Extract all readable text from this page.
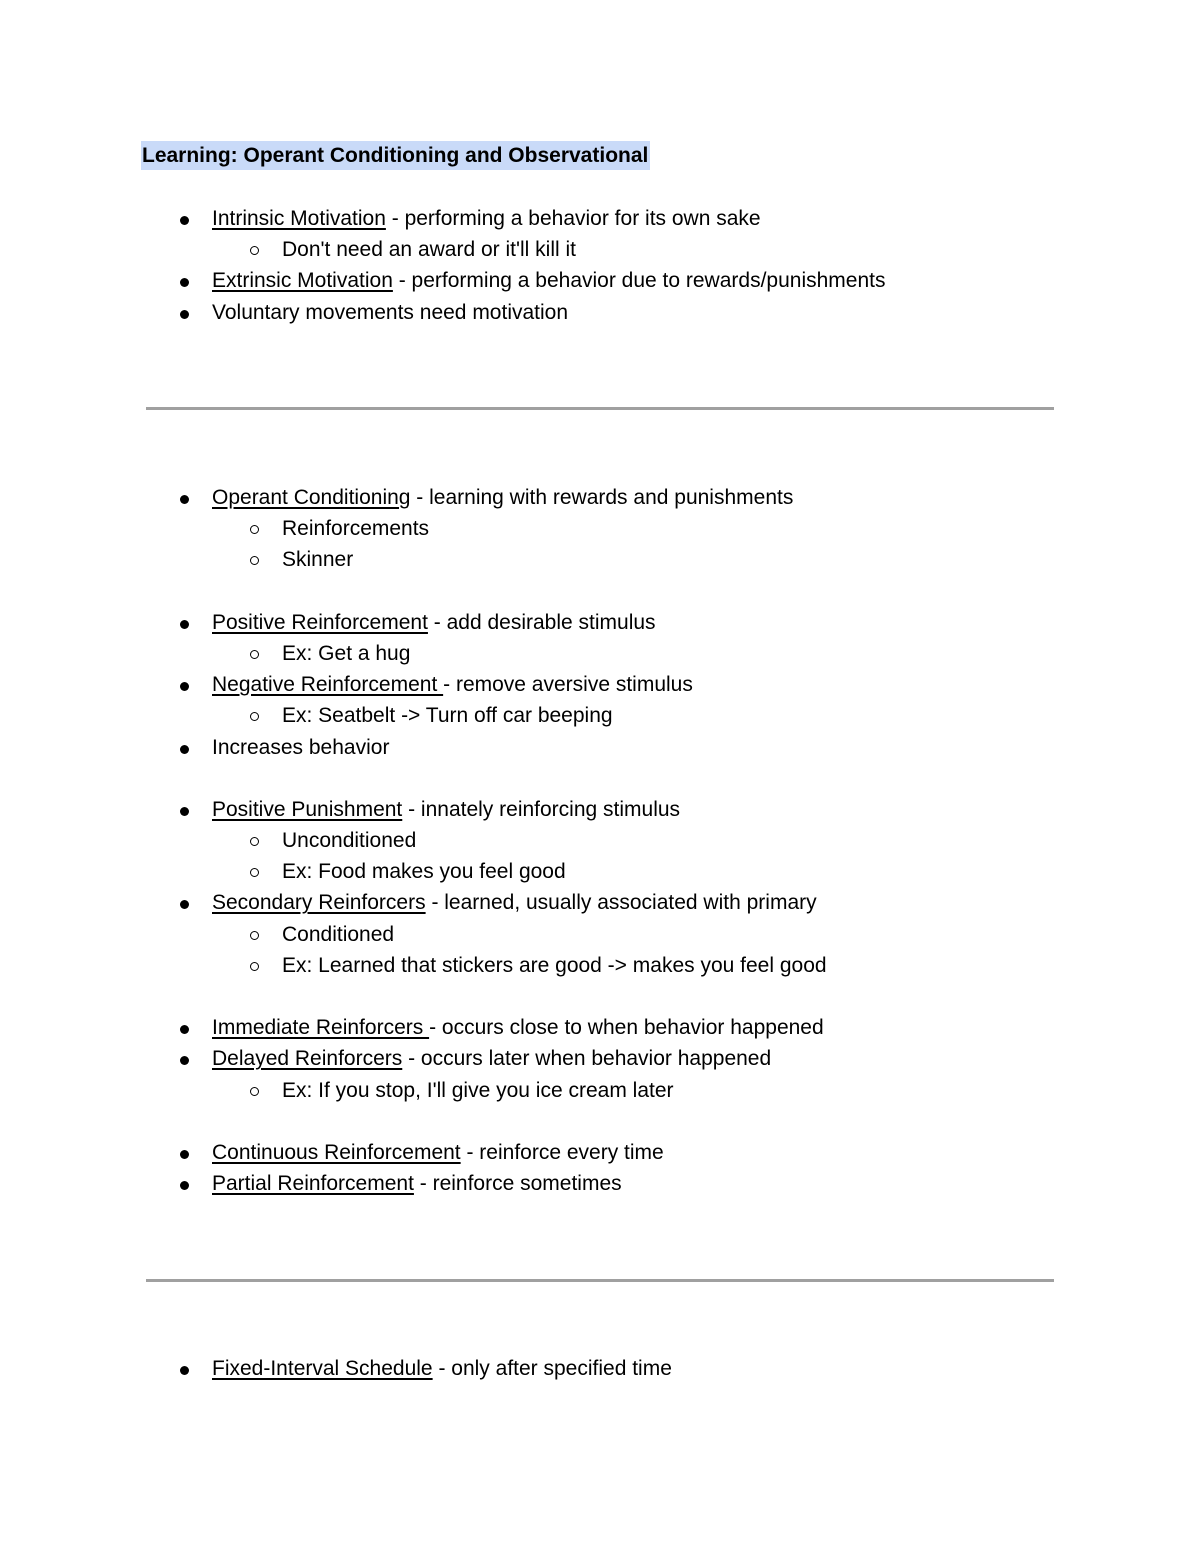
Learning: Operant Conditioning and Observational
Intrinsic Motivation - performing a behavior for its own sake
Don't need an award or it'll kill it
Extrinsic Motivation - performing a behavior due to rewards/punishments
Voluntary movements need motivation
Operant Conditioning - learning with rewards and punishments
Reinforcements
Skinner
Positive Reinforcement - add desirable stimulus
Ex: Get a hug
Negative Reinforcement - remove aversive stimulus
Ex: Seatbelt -> Turn off car beeping
Increases behavior
Positive Punishment - innately reinforcing stimulus
Unconditioned
Ex: Food makes you feel good
Secondary Reinforcers - learned, usually associated with primary
Conditioned
Ex: Learned that stickers are good -> makes you feel good
Immediate Reinforcers - occurs close to when behavior happened
Delayed Reinforcers - occurs later when behavior happened
Ex: If you stop, I'll give you ice cream later
Continuous Reinforcement - reinforce every time
Partial Reinforcement - reinforce sometimes
Fixed-Interval Schedule - only after specified time
